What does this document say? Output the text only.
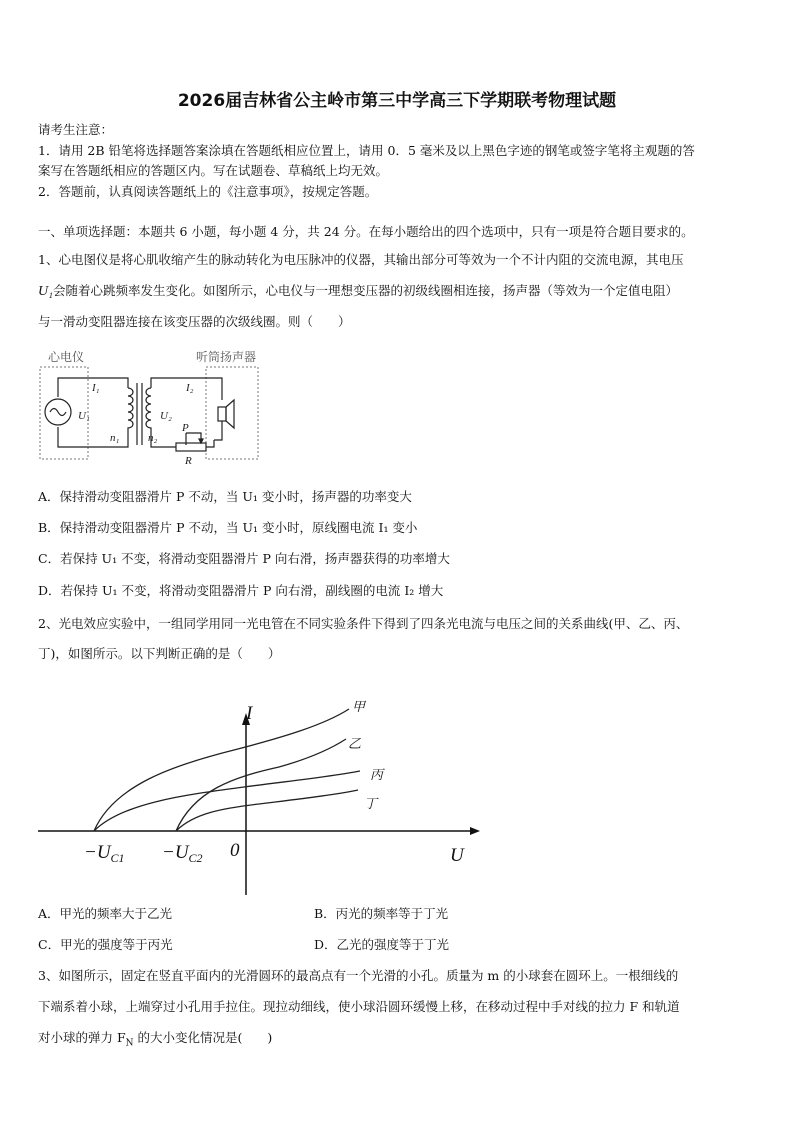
2026届吉林省公主岭市第三中学高三下学期联考物理试题
请考生注意：
1．请用 2B 铅笔将选择题答案涂填在答题纸相应位置上，请用 0．5 毫米及以上黑色字迹的钢笔或签字笔将主观题的答
案写在答题纸相应的答题区内。写在试题卷、草稿纸上均无效。
2．答题前，认真阅读答题纸上的《注意事项》，按规定答题。
一、单项选择题：本题共 6 小题，每小题 4 分，共 24 分。在每小题给出的四个选项中，只有一项是符合题目要求的。
1、心电图仪是将心肌收缩产生的脉动转化为电压脉冲的仪器，其输出部分可等效为一个不计内阻的交流电源，其电压
U₁会随着心跳频率发生变化。如图所示，心电仪与一理想变压器的初级线圈相连接，扬声器（等效为一个定值电阻）
与一滑动变阻器连接在该变压器的次级线圈。则（　　）
心电仪	听筒扬声器
I₁
U₁
n₁
I₂
U₂
n₂
P
R
A．保持滑动变阻器滑片 P 不动，当 U₁ 变小时，扬声器的功率变大
B．保持滑动变阻器滑片 P 不动，当 U₁ 变小时，原线圈电流 I₁ 变小
C．若保持 U₁ 不变，将滑动变阻器滑片 P 向右滑，扬声器获得的功率增大
D．若保持 U₁ 不变，将滑动变阻器滑片 P 向右滑，副线圈的电流 I₂ 增大
2、光电效应实验中，一组同学用同一光电管在不同实验条件下得到了四条光电流与电压之间的关系曲线(甲、乙、丙、
丁)，如图所示。以下判断正确的是（　　）
甲
乙
丙
丁
I
U
0
$-U_{C1} -U_{C2}$
A．甲光的频率大于乙光	B．丙光的频率等于丁光
C．甲光的强度等于丙光	D．乙光的强度等于丁光
3、如图所示，固定在竖直平面内的光滑圆环的最高点有一个光滑的小孔。质量为 m 的小球套在圆环上。一根细线的
下端系着小球，上端穿过小孔用手拉住。现拉动细线，使小球沿圆环缓慢上移，在移动过程中手对线的拉力 F 和轨道
对小球的弹力 $F_N$ 的大小变化情况是(　　)
